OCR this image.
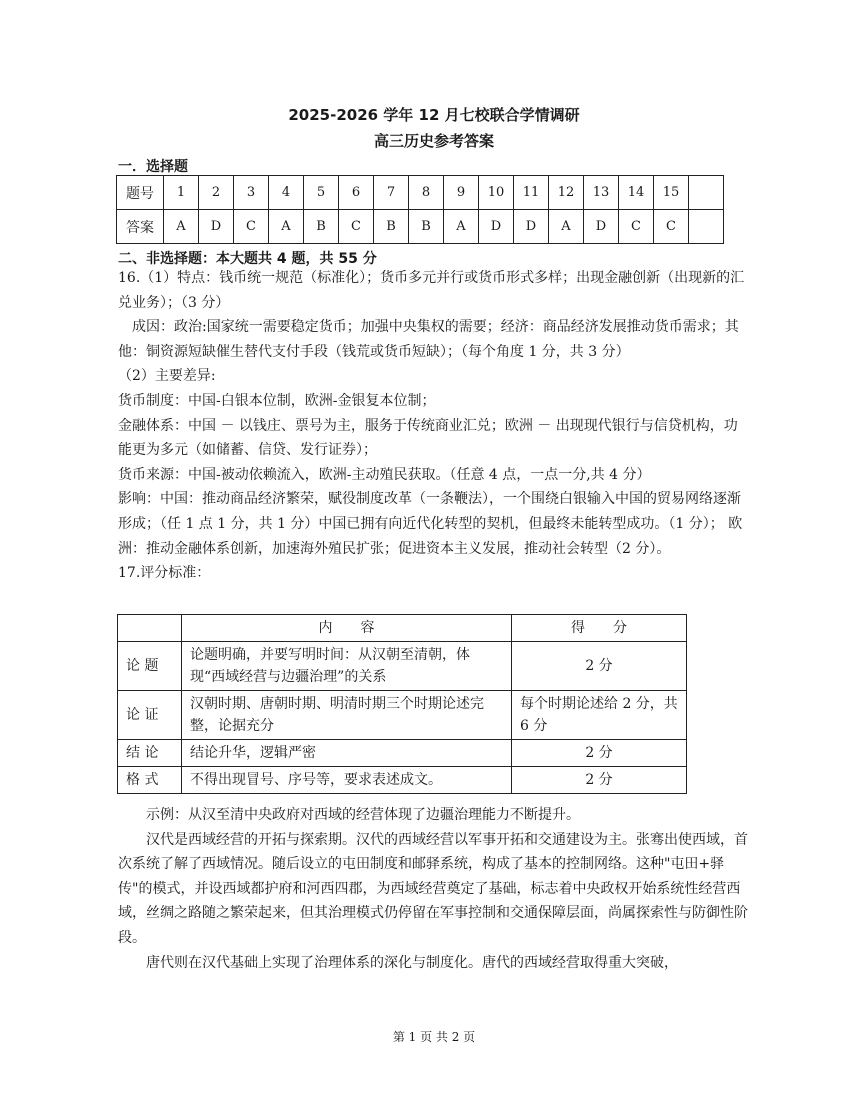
2025-2026 学年 12 月七校联合学情调研
高三历史参考答案
一．选择题
题号	1	2	3	4	5	6	7	8	9	10	11	12	13	14	15	
答案	A	D	C	A	B	C	B	B	A	D	D	A	D	C	C	
二、非选择题：本大题共 4 题，共 55 分

16.（1）特点：钱币统一规范（标准化）；货币多元并行或货币形式多样；出现金融创新（出现新的汇兑业务）；（3 分）

成因：政治:国家统一需要稳定货币；加强中央集权的需要；经济：商品经济发展推动货币需求；其他：铜资源短缺催生替代支付手段（钱荒或货币短缺）；（每个角度 1 分，共 3 分）

（2）主要差异:

货币制度：中国-白银本位制，欧洲-金银复本位制；

金融体系：中国 － 以钱庄、票号为主，服务于传统商业汇兑；欧洲 － 出现现代银行与信贷机构，功能更为多元（如储蓄、信贷、发行证券）；

货币来源：中国-被动依赖流入，欧洲-主动殖民获取。（任意 4 点，一点一分,共 4 分）

影响：中国：推动商品经济繁荣，赋役制度改革（一条鞭法），一个围绕白银输入中国的贸易网络逐渐形成；（任 1 点 1 分，共 1 分）中国已拥有向近代化转型的契机，但最终未能转型成功。（1 分）； 欧洲：推动金融体系创新，加速海外殖民扩张；促进资本主义发展，推动社会转型（2 分）。

17.评分标准：

	内　　容	得　　分
论 题	论题明确，并要写明时间：从汉朝至清朝，体现“西域经营与边疆治理”的关系	2 分
论 证	汉朝时期、唐朝时期、明清时期三个时期论述完整，论据充分	每个时期论述给 2 分，共 6 分
结 论	结论升华，逻辑严密	2 分
格 式	不得出现冒号、序号等，要求表述成文。	2 分

示例：从汉至清中央政府对西域的经营体现了边疆治理能力不断提升。

汉代是西域经营的开拓与探索期。汉代的西域经营以军事开拓和交通建设为主。张骞出使西域，首次系统了解了西域情况。随后设立的屯田制度和邮驿系统，构成了基本的控制网络。这种"屯田+驿传"的模式，并设西域都护府和河西四郡，为西域经营奠定了基础，标志着中央政权开始系统性经营西域，丝绸之路随之繁荣起来，但其治理模式仍停留在军事控制和交通保障层面，尚属探索性与防御性阶段。

唐代则在汉代基础上实现了治理体系的深化与制度化。唐代的西域经营取得重大突破，

第 1 页 共 2 页
